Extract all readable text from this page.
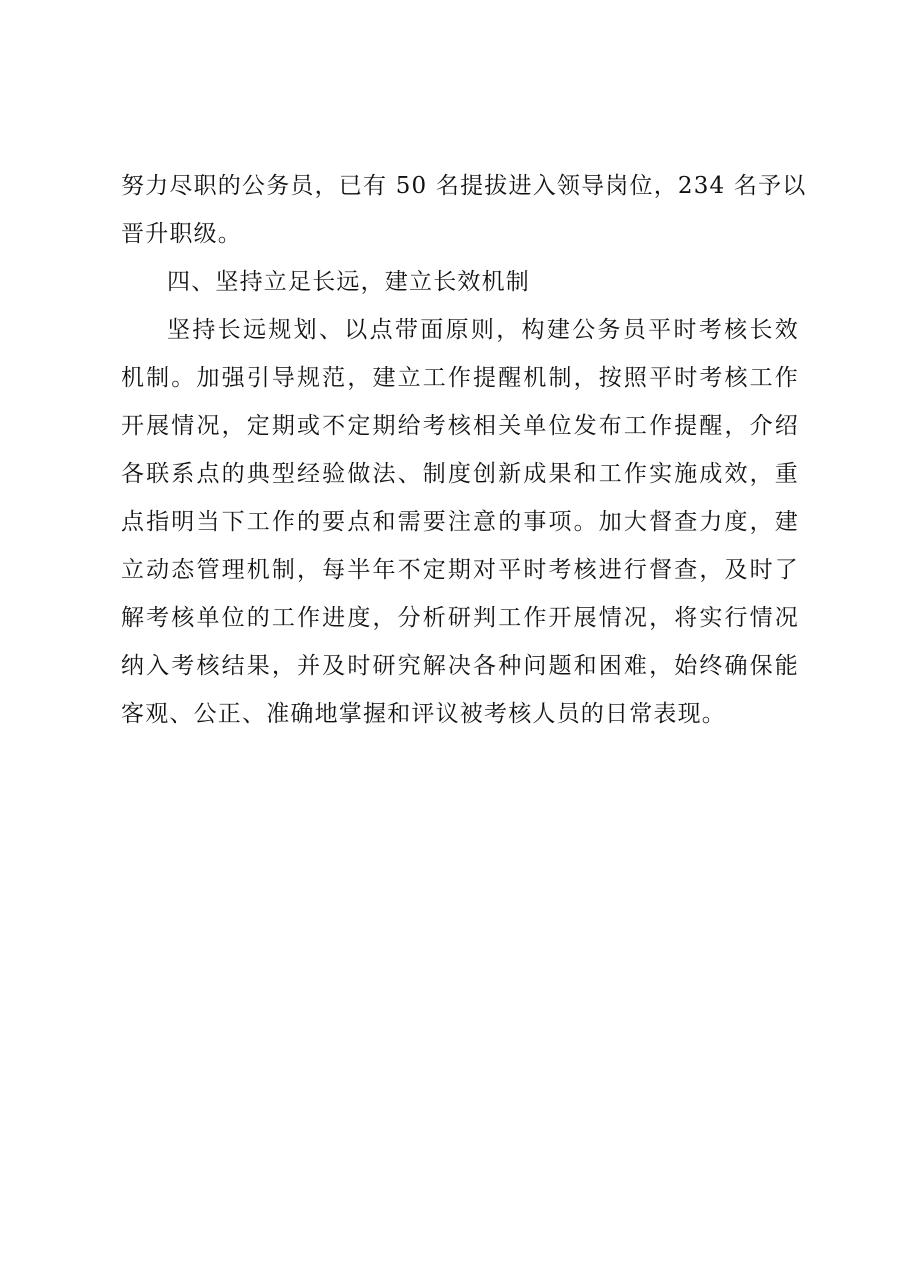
努力尽职的公务员，已有 50 名提拔进入领导岗位，234 名予以
晋升职级。
四、坚持立足长远，建立长效机制
坚持长远规划、以点带面原则，构建公务员平时考核长效
机制。加强引导规范，建立工作提醒机制，按照平时考核工作
开展情况，定期或不定期给考核相关单位发布工作提醒，介绍
各联系点的典型经验做法、制度创新成果和工作实施成效，重
点指明当下工作的要点和需要注意的事项。加大督查力度，建
立动态管理机制，每半年不定期对平时考核进行督查，及时了
解考核单位的工作进度，分析研判工作开展情况，将实行情况
纳入考核结果，并及时研究解决各种问题和困难，始终确保能
客观、公正、准确地掌握和评议被考核人员的日常表现。
